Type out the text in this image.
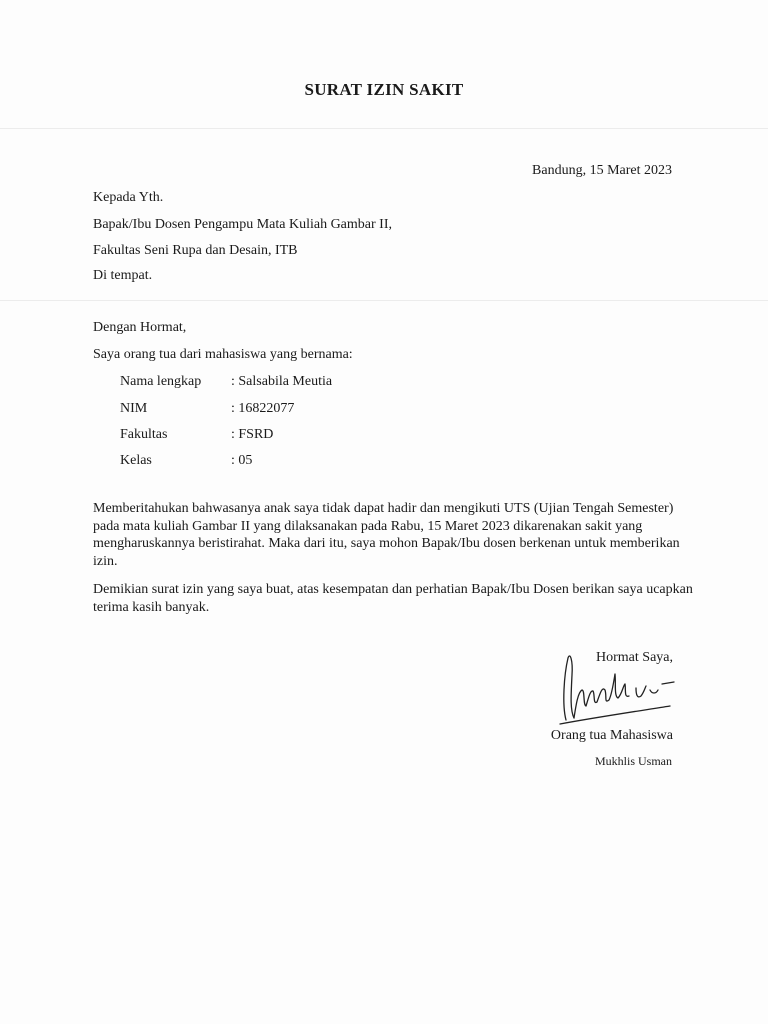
SURAT IZIN SAKIT
Bandung, 15 Maret 2023
Kepada Yth.
Bapak/Ibu Dosen Pengampu Mata Kuliah Gambar II,
Fakultas Seni Rupa dan Desain, ITB
Di tempat.
Dengan Hormat,
Saya orang tua dari mahasiswa yang bernama:
Nama lengkap : Salsabila Meutia
NIM	: 16822077
Fakultas	: FSRD
Kelas	: 05
Memberitahukan bahwasanya anak saya tidak dapat hadir dan mengikuti UTS (Ujian Tengah Semester) pada mata kuliah Gambar II yang dilaksanakan pada Rabu, 15 Maret 2023 dikarenakan sakit yang mengharuskannya beristirahat. Maka dari itu, saya mohon Bapak/Ibu dosen berkenan untuk memberikan izin.
Demikian surat izin yang saya buat, atas kesempatan dan perhatian Bapak/Ibu Dosen berikan saya ucapkan terima kasih banyak.
Hormat Saya,
Orang tua Mahasiswa
Mukhlis Usman
